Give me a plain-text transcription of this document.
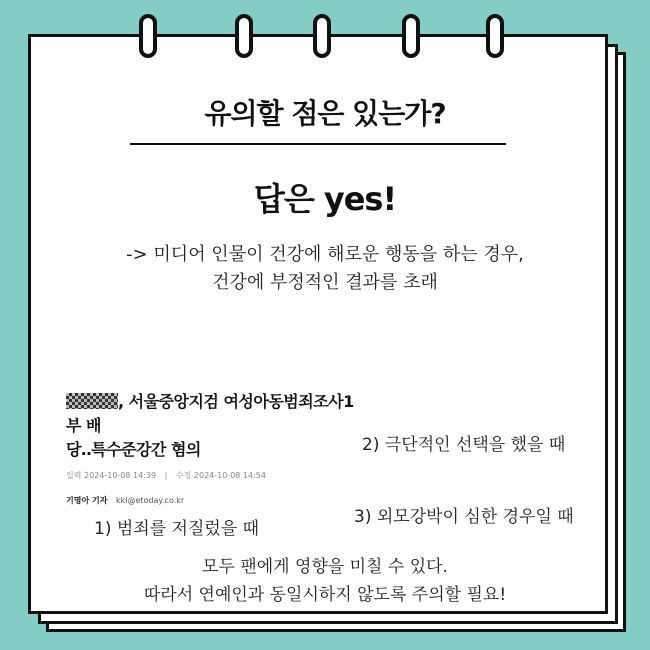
유의할 점은 있는가?
답은 yes!
-> 미디어 인물이 건강에 해로운 행동을 하는 경우,
건강에 부정적인 결과를 초래
, 서울중앙지검 여성아동범죄조사1부 배
당‥특수준강간 혐의
입력 2024-10-08 14:39 | 수정 2024-10-08 14:54
기명아 기자 kki@etoday.co.kr
2) 극단적인 선택을 했을 때
3) 외모강박이 심한 경우일 때
1) 범죄를 저질렀을 때
모두 팬에게 영향을 미칠 수 있다.
따라서 연예인과 동일시하지 않도록 주의할 필요!
